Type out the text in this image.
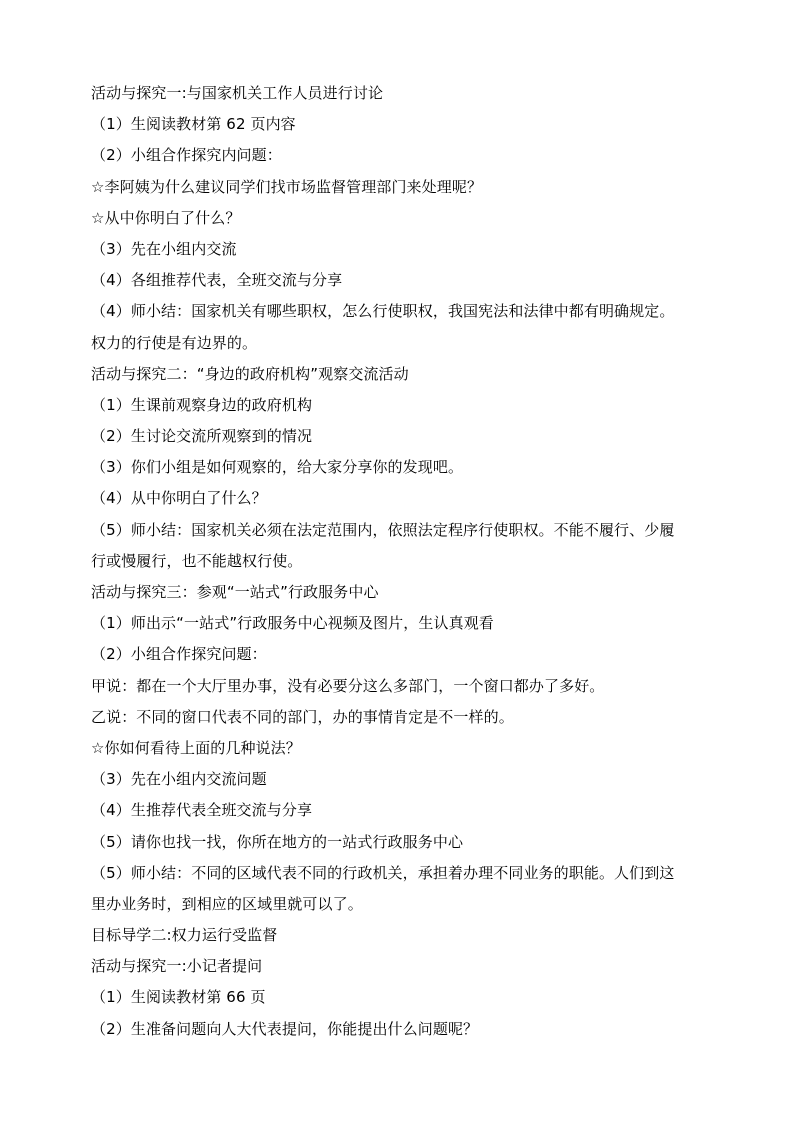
活动与探究一:与国家机关工作人员进行讨论
（1）生阅读教材第 62 页内容
（2）小组合作探究内问题：
☆李阿姨为什么建议同学们找市场监督管理部门来处理呢？
☆从中你明白了什么？
（3）先在小组内交流
（4）各组推荐代表，全班交流与分享
（4）师小结：国家机关有哪些职权，怎么行使职权，我国宪法和法律中都有明确规定。
权力的行使是有边界的。
活动与探究二：“身边的政府机构”观察交流活动
（1）生课前观察身边的政府机构
（2）生讨论交流所观察到的情况
（3）你们小组是如何观察的，给大家分享你的发现吧。
（4）从中你明白了什么？
（5）师小结：国家机关必须在法定范围内，依照法定程序行使职权。不能不履行、少履
行或慢履行，也不能越权行使。
活动与探究三：参观“一站式”行政服务中心
（1）师出示“一站式”行政服务中心视频及图片，生认真观看
（2）小组合作探究问题：
甲说：都在一个大厅里办事，没有必要分这么多部门，一个窗口都办了多好。
乙说：不同的窗口代表不同的部门，办的事情肯定是不一样的。
☆你如何看待上面的几种说法？
（3）先在小组内交流问题
（4）生推荐代表全班交流与分享
（5）请你也找一找，你所在地方的一站式行政服务中心
（5）师小结：不同的区域代表不同的行政机关，承担着办理不同业务的职能。人们到这
里办业务时，到相应的区域里就可以了。
目标导学二:权力运行受监督
活动与探究一:小记者提问
（1）生阅读教材第 66 页
（2）生准备问题向人大代表提问，你能提出什么问题呢？
